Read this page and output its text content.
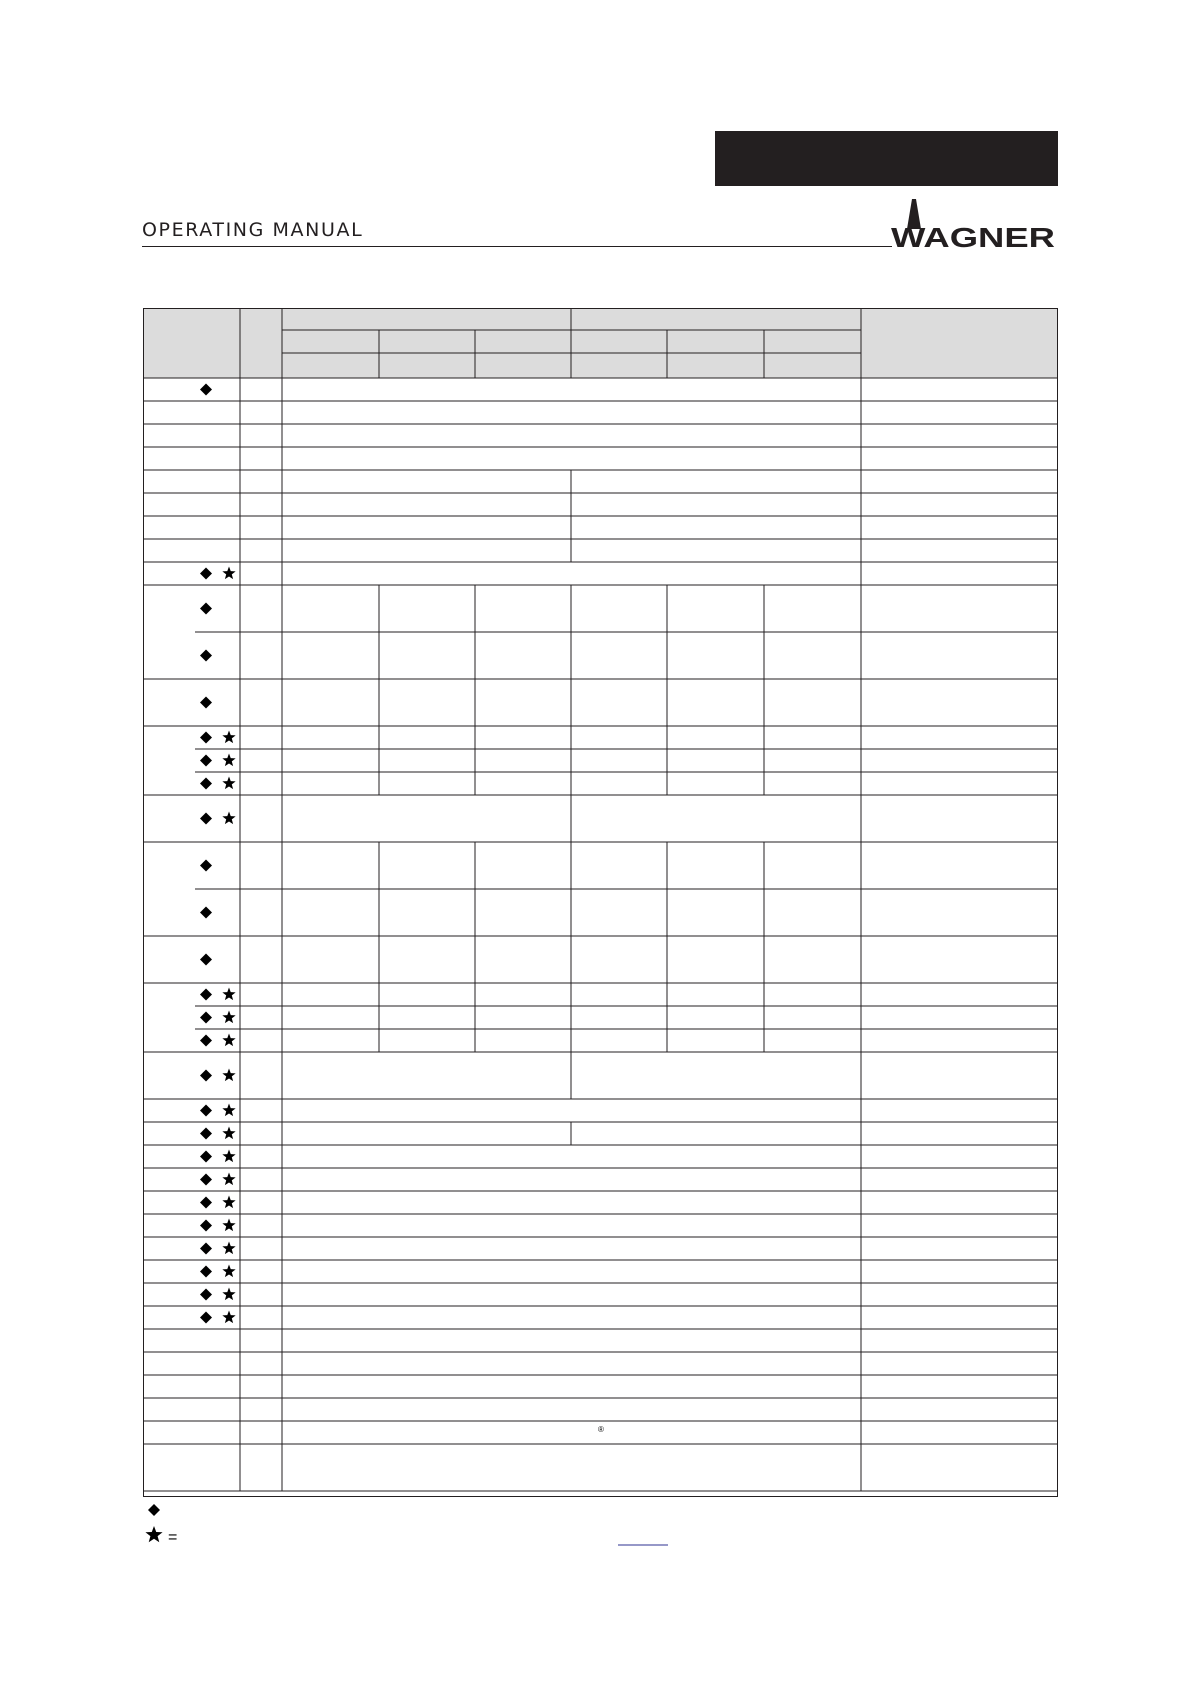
OPERATING MANUAL	WAGNER
®
=
